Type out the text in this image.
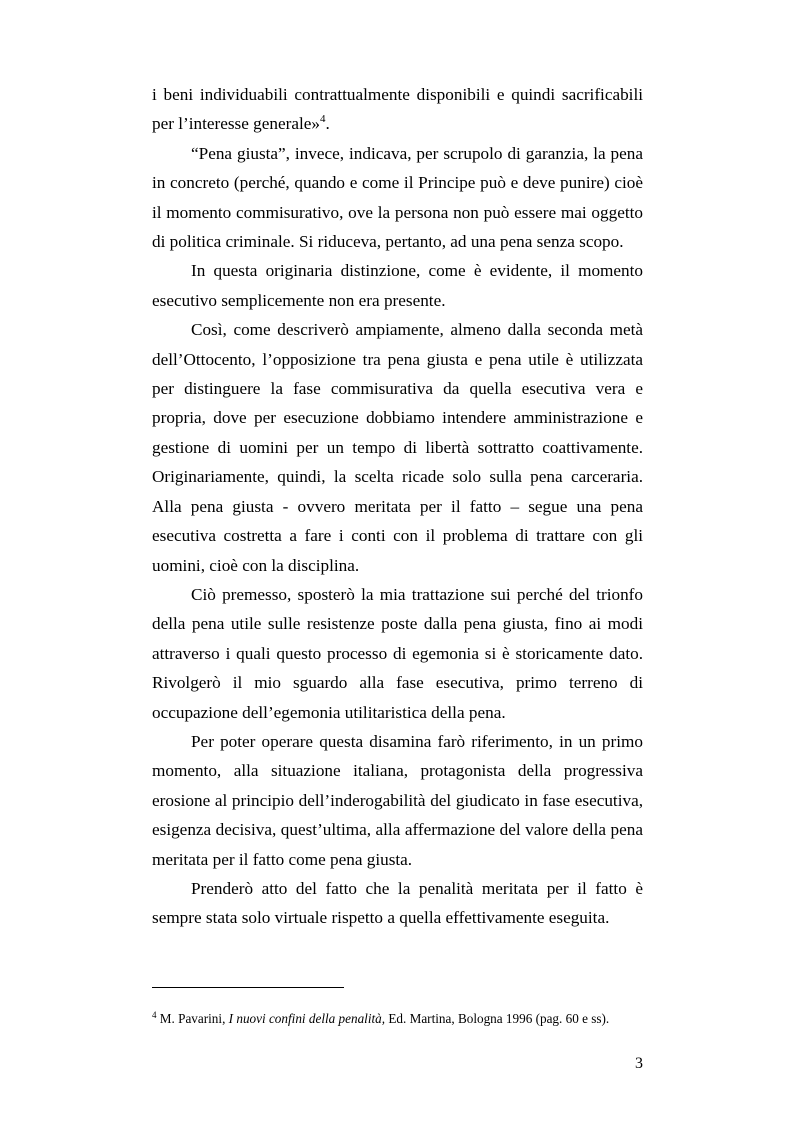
i beni individuabili contrattualmente disponibili e quindi sacrificabili per l’interesse generale»$^4$.

“Pena giusta”, invece, indicava, per scrupolo di garanzia, la pena in concreto (perché, quando e come il Principe può e deve punire) cioè il momento commisurativo, ove la persona non può essere mai oggetto di politica criminale. Si riduceva, pertanto, ad una pena senza scopo.

In questa originaria distinzione, come è evidente, il momento esecutivo semplicemente non era presente.

Così, come descriverò ampiamente, almeno dalla seconda metà dell’Ottocento, l’opposizione tra pena giusta e pena utile è utilizzata per distinguere la fase commisurativa da quella esecutiva vera e propria, dove per esecuzione dobbiamo intendere amministrazione e gestione di uomini per un tempo di libertà sottratto coattivamente. Originariamente, quindi, la scelta ricade solo sulla pena carceraria. Alla pena giusta - ovvero meritata per il fatto – segue una pena esecutiva costretta a fare i conti con il problema di trattare con gli uomini, cioè con la disciplina.

Ciò premesso, sposterò la mia trattazione sui perché del trionfo della pena utile sulle resistenze poste dalla pena giusta, fino ai modi attraverso i quali questo processo di egemonia si è storicamente dato. Rivolgerò il mio sguardo alla fase esecutiva, primo terreno di occupazione dell’egemonia utilitaristica della pena.

Per poter operare questa disamina farò riferimento, in un primo momento, alla situazione italiana, protagonista della progressiva erosione al principio dell’inderogabilità del giudicato in fase esecutiva, esigenza decisiva, quest’ultima, alla affermazione del valore della pena meritata per il fatto come pena giusta.

Prenderò atto del fatto che la penalità meritata per il fatto è sempre stata solo virtuale rispetto a quella effettivamente eseguita.

$^4$ M. Pavarini, I nuovi confini della penalità, Ed. Martina, Bologna 1996 (pag. 60 e ss).
3
